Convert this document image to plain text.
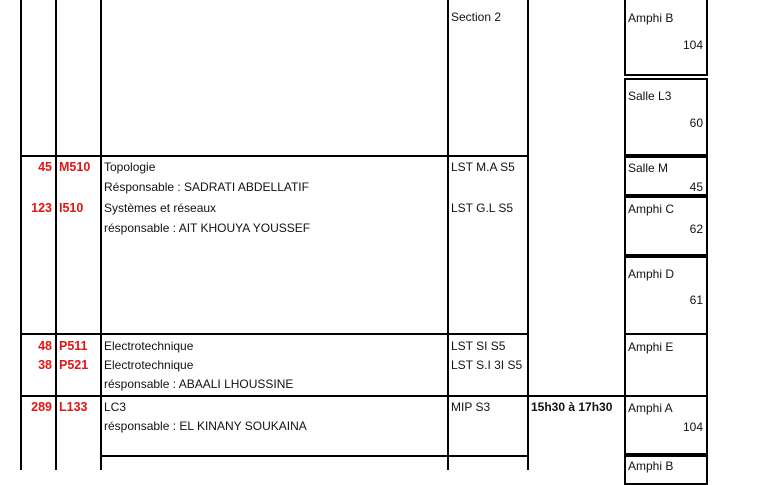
Section 2	Amphi B
104
Salle L3
60
45 M510 Topologie
Résponsable : SADRATI ABDELLATIF
123 I510 Systèmes et réseaux
résponsable : AIT KHOUYA YOUSSEF
LST M.A S5
LST G.L S5
Salle M
45
Amphi C
62
Amphi D
61
48 P511 Electrotechnique
38 P521 Electrotechnique
résponsable : ABAALI LHOUSSINE
LST SI S5
LST S.I 3I S5
Amphi E
289 L133 LC3
résponsable : EL KINANY SOUKAINA
MIP S3	15h30 à 17h30 Amphi A
104
Amphi B
